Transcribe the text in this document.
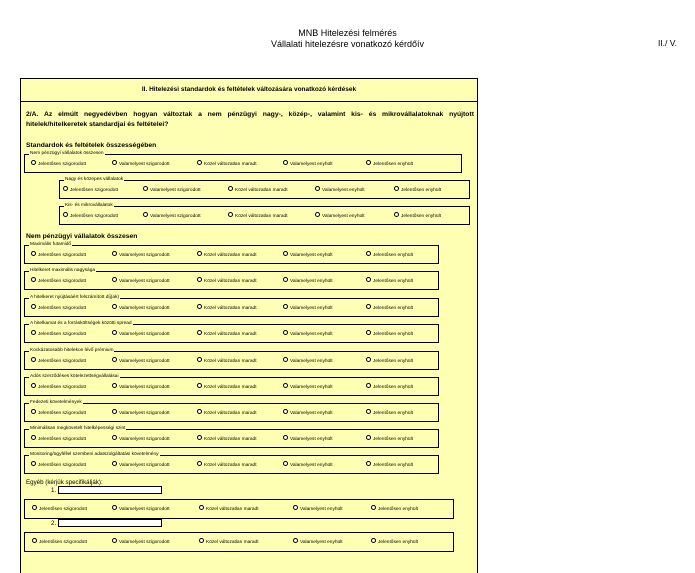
MNB Hitelezési felmérés
Vállalati hitelezésre vonatkozó kérdőív	II./ V.
II. Hitelezési standardok és feltételek változására vonatkozó kérdések
2/A. Az elmúlt negyedévben hogyan változtak a nem pénzügyi nagy-, közép-, valamint kis- és mikrovállalatoknak nyújtott hitelek/hitelkeretek standardjai és feltételei?
Standardok és feltételek összességében
Nem pénzügyi vállalatok összesen
Jelentősen szigorodott	Valamelyest szigorodott	Közel változatlan maradt	Valamelyest enyhült	Jelentősen enyhült
Nagy és közepes vállalatok
Jelentősen szigorodott	Valamelyest szigorodott	Közel változatlan maradt	Valamelyest enyhült	Jelentősen enyhült
Kis- és mikrovállalatok
Jelentősen szigorodott	Valamelyest szigorodott	Közel változatlan maradt	Valamelyest enyhült	Jelentősen enyhült
Nem pénzügyi vállalatok összesen
Maximális futamidő
Jelentősen szigorodott	Valamelyest szigorodott	Közel változatlan maradt	Valamelyest enyhült	Jelentősen enyhült
Hitelkeret maximális nagysága
Jelentősen szigorodott	Valamelyest szigorodott	Közel változatlan maradt	Valamelyest enyhült	Jelentősen enyhült
A hitelkeret nyújtásáért felszámított díj(ak)
Jelentősen szigorodott	Valamelyest szigorodott	Közel változatlan maradt	Valamelyest enyhült	Jelentősen enyhült
A hitelkamat és a forrásköltségek közötti spread
Jelentősen szigorodott	Valamelyest szigorodott	Közel változatlan maradt	Valamelyest enyhült	Jelentősen enyhült
Kockázatosabb hitelekon lévő prémium
Jelentősen szigorodott	Valamelyest szigorodott	Közel változatlan maradt	Valamelyest enyhült	Jelentősen enyhült
Adós szerződéses kötelezettségvállalásai
Jelentősen szigorodott	Valamelyest szigorodott	Közel változatlan maradt	Valamelyest enyhült	Jelentősen enyhült
Fedezeti követelmények
Jelentősen szigorodott	Valamelyest szigorodott	Közel változatlan maradt	Valamelyest enyhült	Jelentősen enyhült
Minimálisan megkövetelt hitelképességi szint
Jelentősen szigorodott	Valamelyest szigorodott	Közel változatlan maradt	Valamelyest enyhült	Jelentősen enyhült
Monitoring/ügyféllel szembeni adatszolgáltatási követelmény
Jelentősen szigorodott	Valamelyest szigorodott	Közel változatlan maradt	Valamelyest enyhült	Jelentősen enyhült
Egyéb (kérjük specifikálják):
1.
Jelentősen szigorodott	Valamelyest szigorodott	Közel változatlan maradt	Valamelyest enyhült	Jelentősen enyhült
2.
Jelentősen szigorodott	Valamelyest szigorodott	Közel változatlan maradt	Valamelyest enyhült	Jelentősen enyhült
